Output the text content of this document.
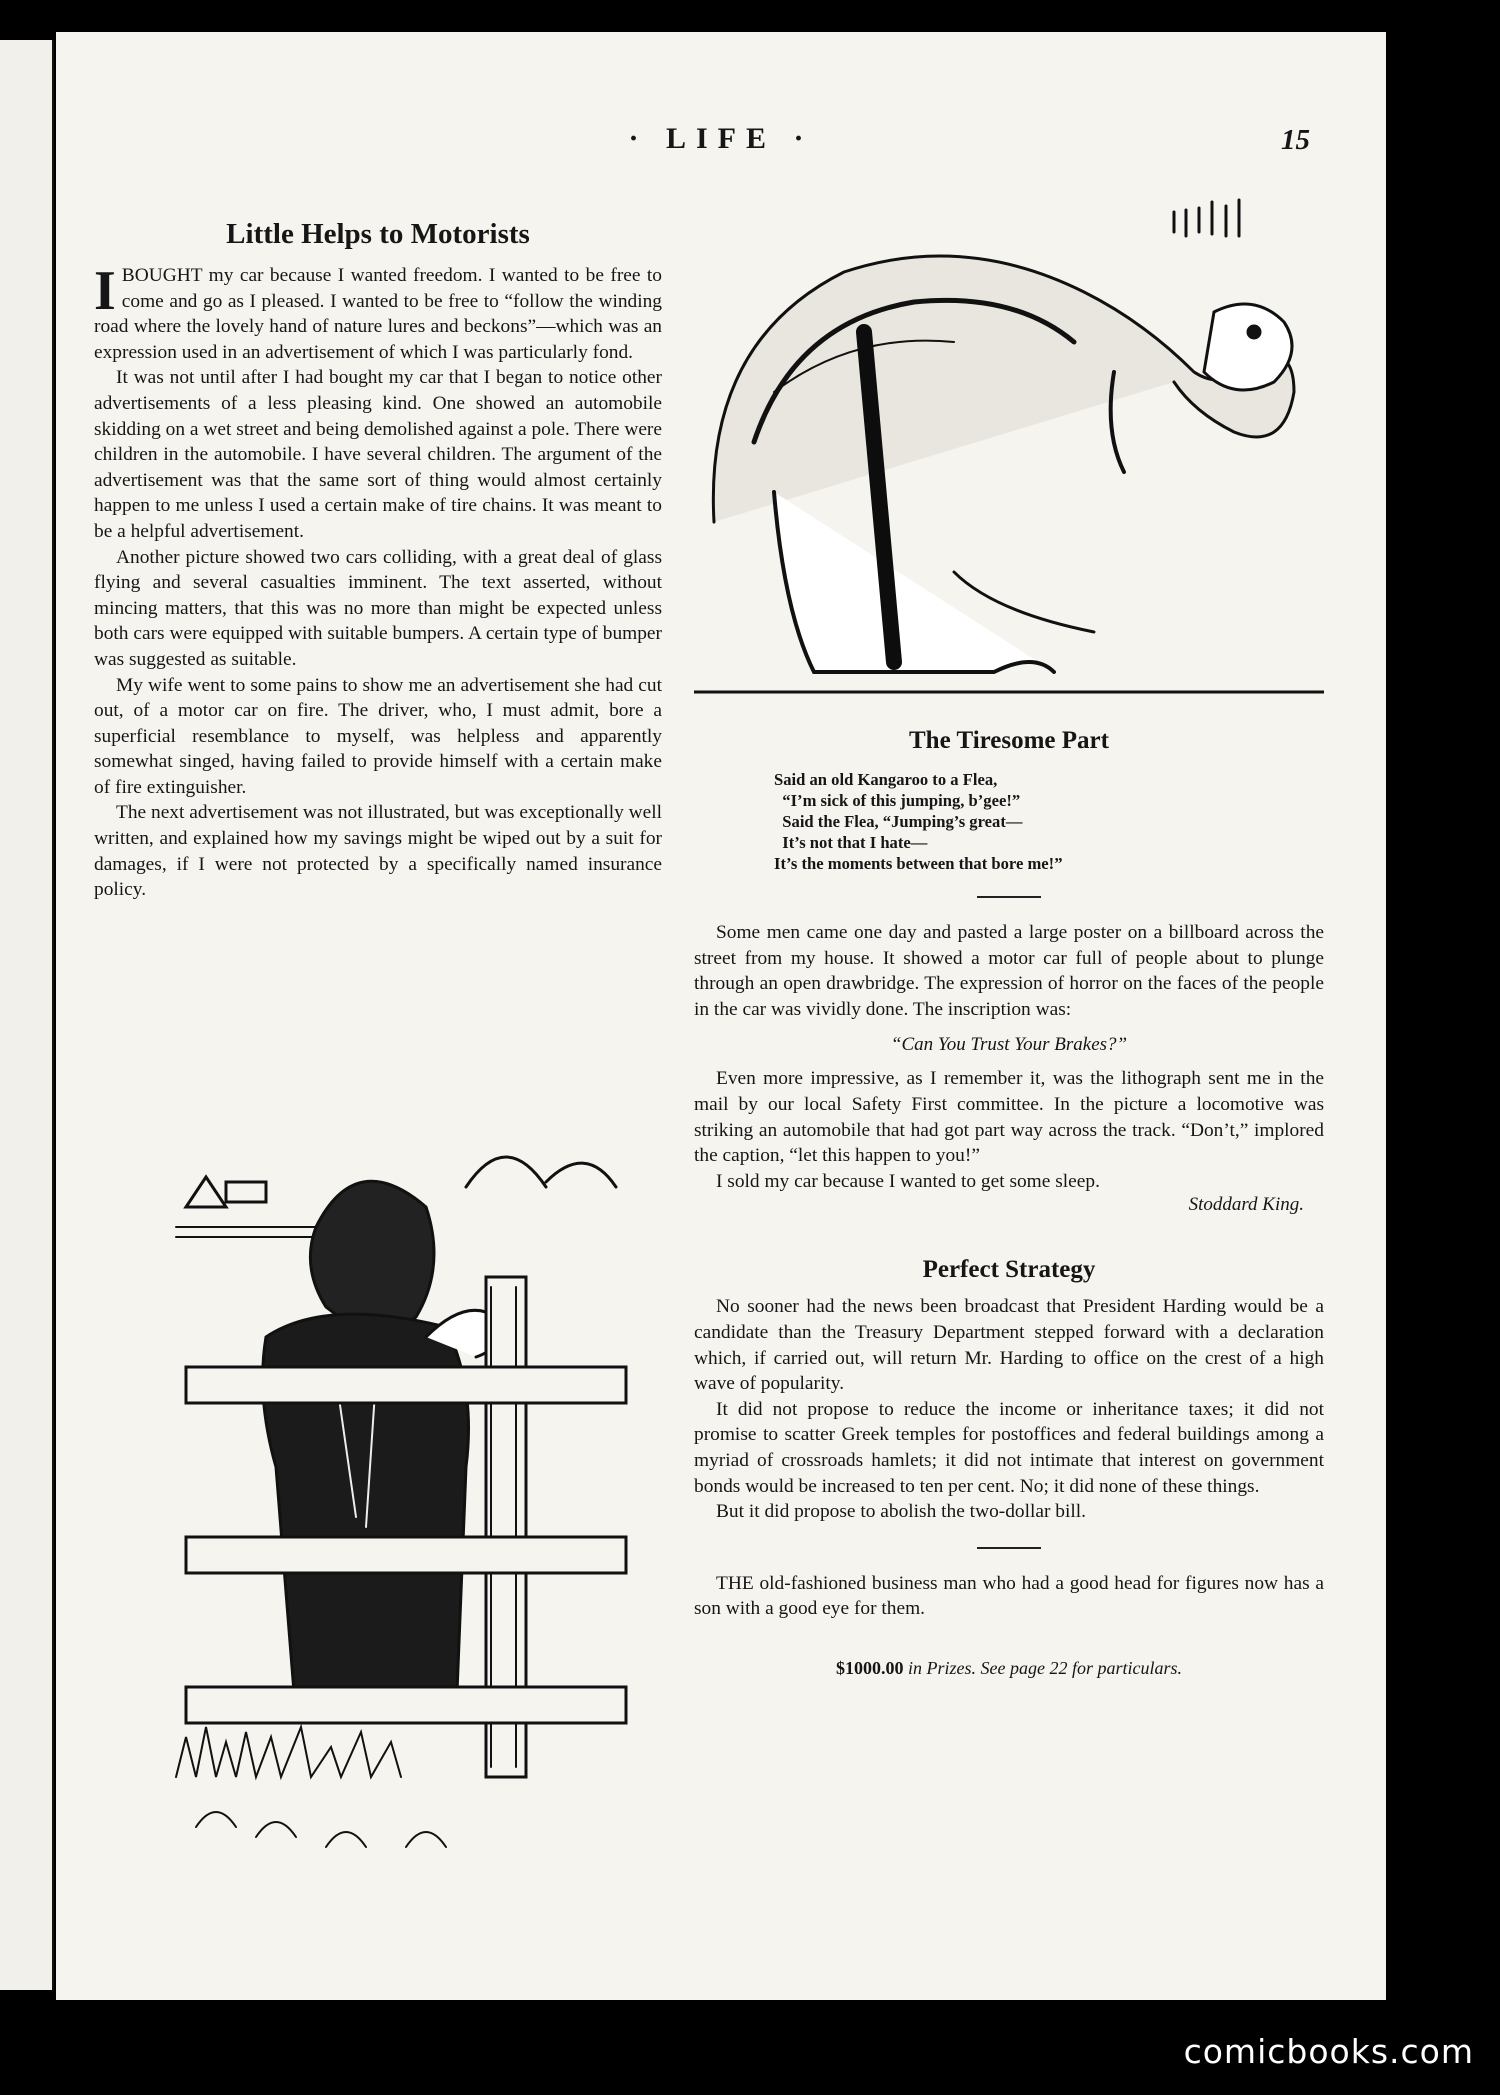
· LIFE ·	15
Little Helps to Motorists

I BOUGHT my car because I wanted freedom. I wanted to be free to come and go as I pleased. I wanted to be free to “follow the winding road where the lovely hand of nature lures and beckons”—which was an expression used in an advertisement of which I was particularly fond.

It was not until after I had bought my car that I began to notice other advertisements of a less pleasing kind. One showed an automobile skidding on a wet street and being demolished against a pole. There were children in the automobile. I have several children. The argument of the advertisement was that the same sort of thing would almost certainly happen to me unless I used a certain make of tire chains. It was meant to be a helpful advertisement.

Another picture showed two cars colliding, with a great deal of glass flying and several casualties imminent. The text asserted, without mincing matters, that this was no more than might be expected unless both cars were equipped with suitable bumpers. A certain type of bumper was suggested as suitable.

My wife went to some pains to show me an advertisement she had cut out, of a motor car on fire. The driver, who, I must admit, bore a superficial resemblance to myself, was helpless and apparently somewhat singed, having failed to provide himself with a certain make of fire extinguisher.

The next advertisement was not illustrated, but was exceptionally well written, and explained how my savings might be wiped out by a suit for damages, if I were not protected by a specifically named insurance policy.

The Tiresome Part
Said an old Kangaroo to a Flea,
“I’m sick of this jumping, b’gee!”
Said the Flea, “Jumping’s great—
It’s not that I hate—
It’s the moments between that bore me!”

Some men came one day and pasted a large poster on a billboard across the street from my house. It showed a motor car full of people about to plunge through an open drawbridge. The expression of horror on the faces of the people in the car was vividly done. The inscription was:

“Can You Trust Your Brakes?”

Even more impressive, as I remember it, was the lithograph sent me in the mail by our local Safety First committee. In the picture a locomotive was striking an automobile that had got part way across the track. “Don’t,” implored the caption, “let this happen to you!”

I sold my car because I wanted to get some sleep.

Stoddard King.
Perfect Strategy

No sooner had the news been broadcast that President Harding would be a candidate than the Treasury Department stepped forward with a declaration which, if carried out, will return Mr. Harding to office on the crest of a high wave of popularity.

It did not propose to reduce the income or inheritance taxes; it did not promise to scatter Greek temples for postoffices and federal buildings among a myriad of crossroads hamlets; it did not intimate that interest on government bonds would be increased to ten per cent. No; it did none of these things.

But it did propose to abolish the two-dollar bill.

THE old-fashioned business man who had a good head for figures now has a son with a good eye for them.

$1000.00 in Prizes. See page 22 for particulars.
comicbooks.com
